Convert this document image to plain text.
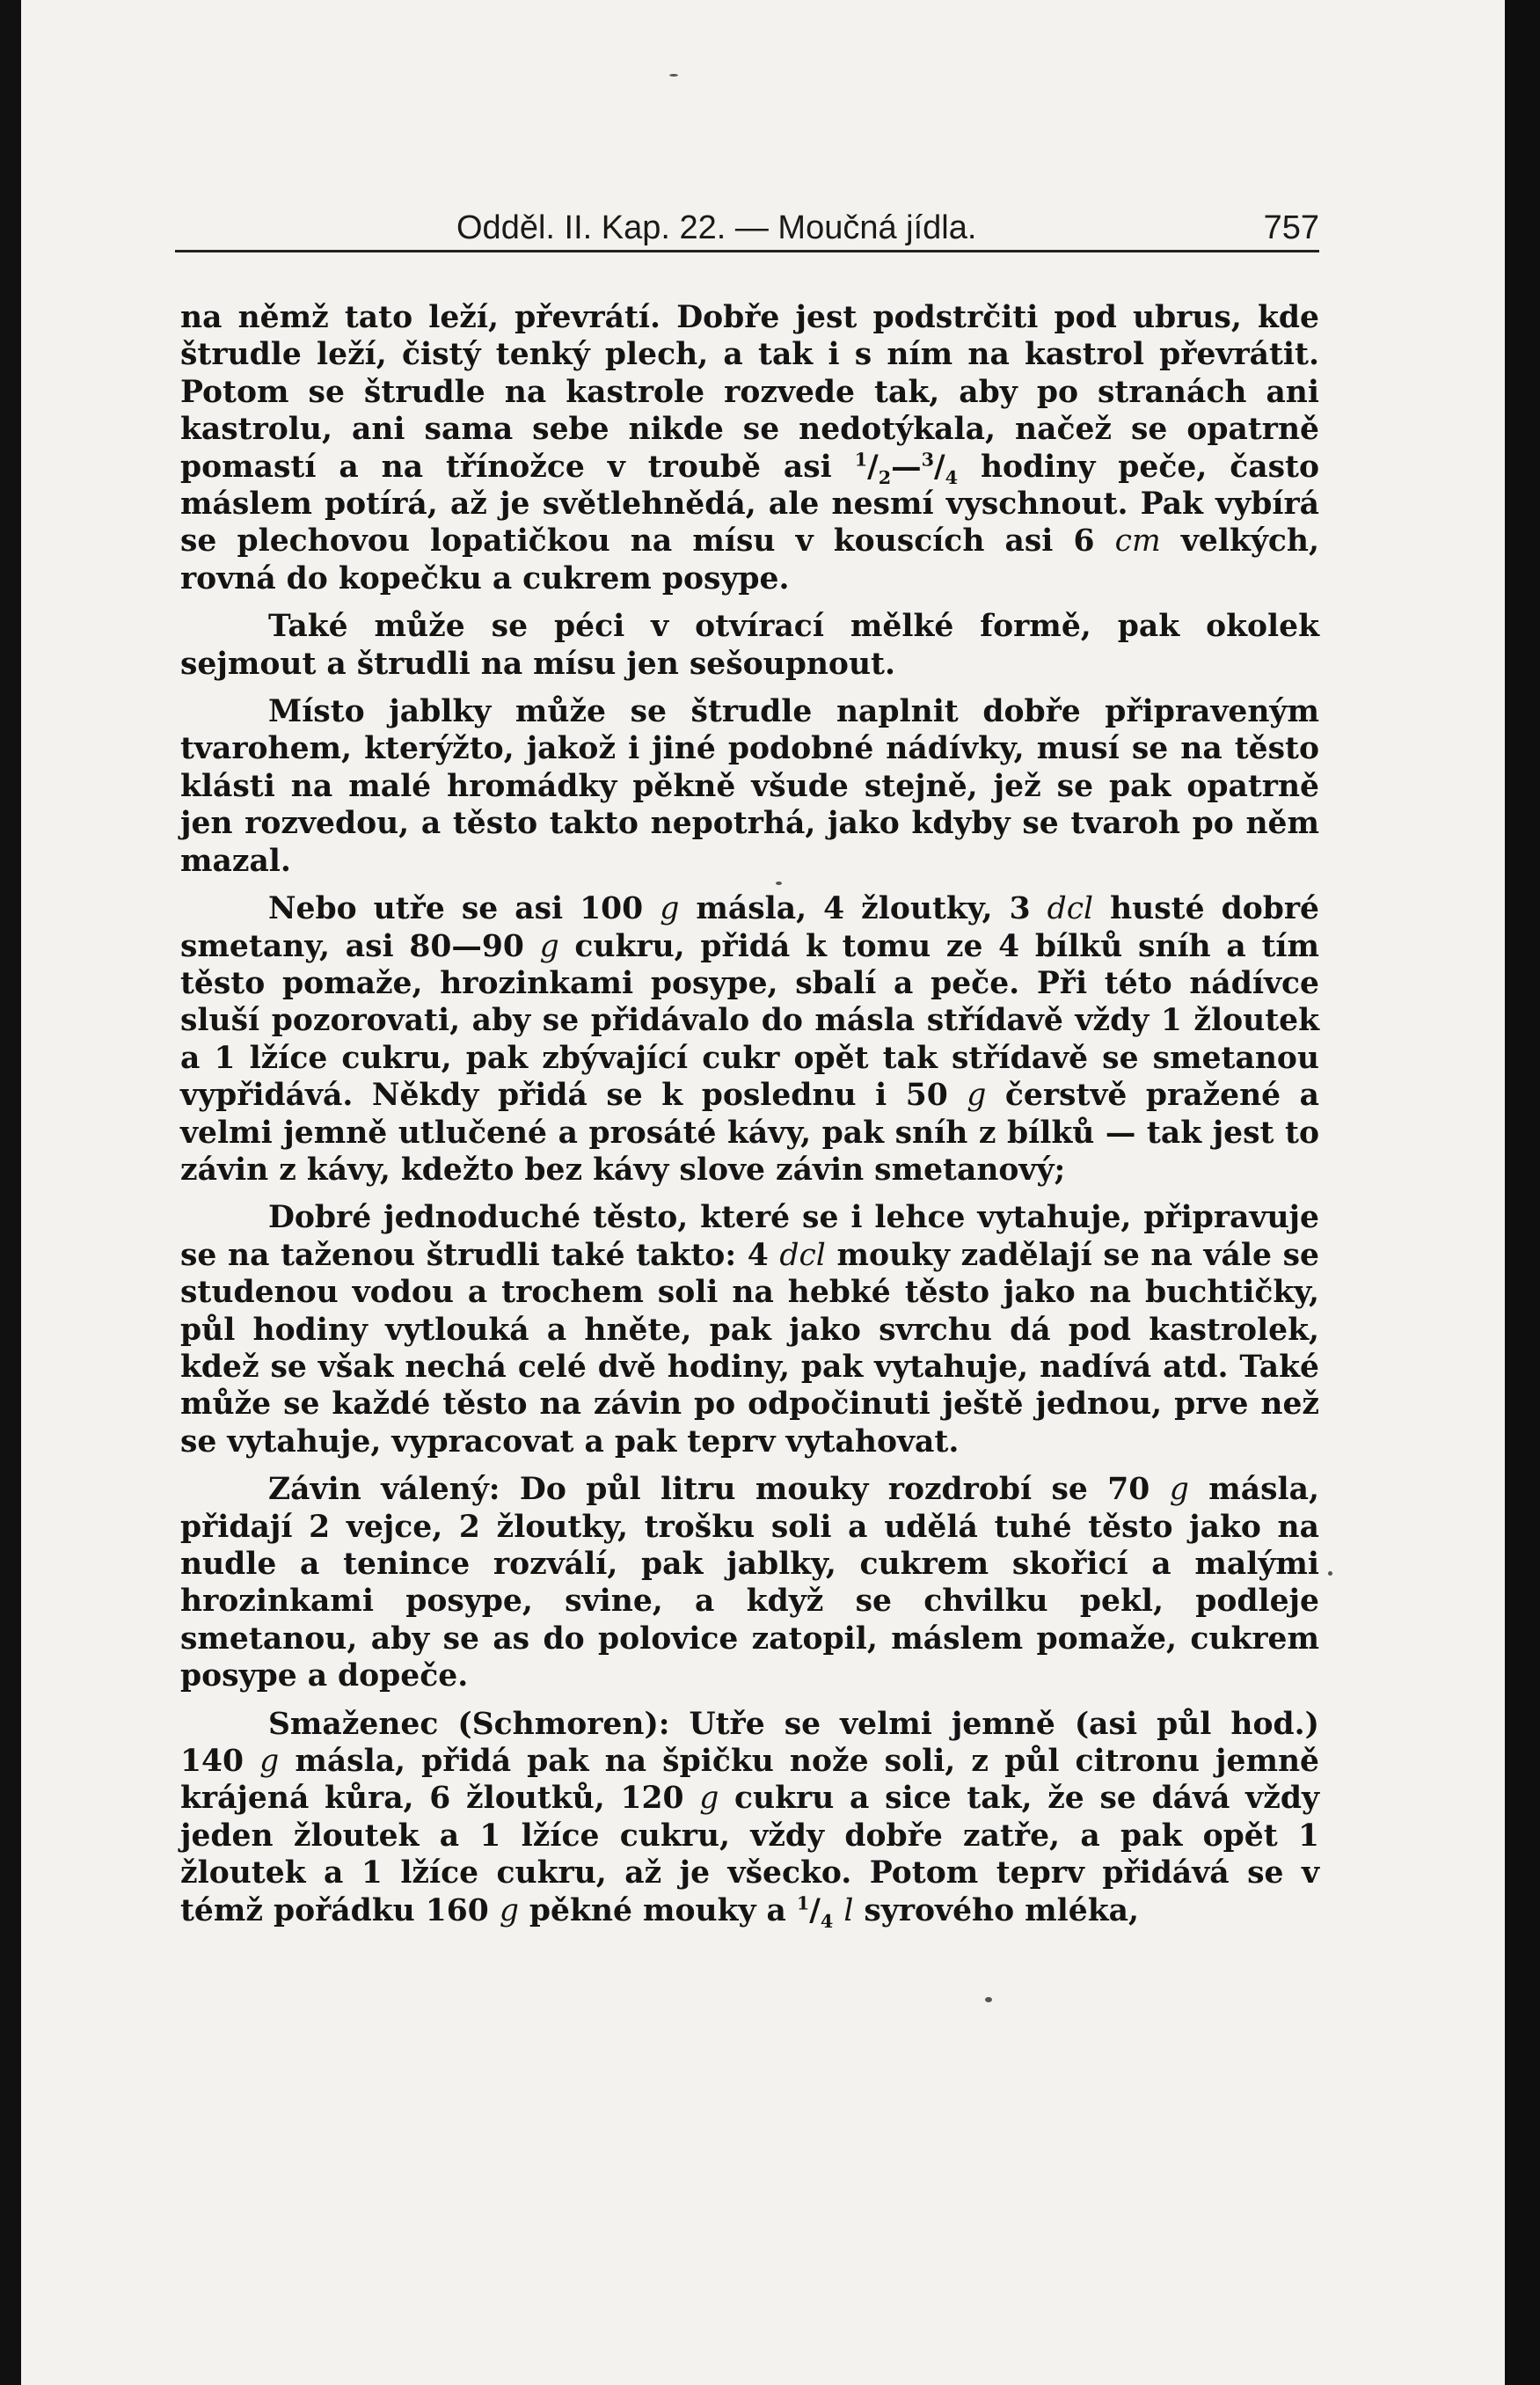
Odděl. II. Kap. 22. — Moučná jídla.	757

na němž tato leží, převrátí. Dobře jest podstrčiti pod ubrus, kde štrudle leží, čistý tenký plech, a tak i s ním na kastrol převrátit. Potom se štrudle na kastrole rozvede tak, aby po stranách ani kastrolu, ani sama sebe nikde se nedotýkala, načež se opatrně pomastí a na třínožce v troubě asi $^1/_2—^3/_4$ hodiny peče, často máslem potírá, až je světlehnědá, ale nesmí vyschnout. Pak vybírá se plechovou lopatičkou na mísu v kouscích asi 6 cm velkých, rovná do kopečku a cukrem posype.

Také může se péci v otvírací mělké formě, pak okolek sejmout a štrudli na mísu jen sešoupnout.

Místo jablky může se štrudle naplnit dobře připraveným tvarohem, kterýžto, jakož i jiné podobné nádívky, musí se na těsto klásti na malé hromádky pěkně všude stejně, jež se pak opatrně jen rozvedou, a těsto takto nepotrhá, jako kdyby se tvaroh po něm mazal.

Nebo utře se asi 100 g másla, 4 žloutky, 3 dcl husté dobré smetany, asi 80—90 g cukru, přidá k tomu ze 4 bílků sníh a tím těsto pomaže, hrozinkami posype, sbalí a peče. Při této nádívce sluší pozorovati, aby se přidávalo do másla střídavě vždy 1 žloutek a 1 lžíce cukru, pak zbývající cukr opět tak střídavě se smetanou vypřidává. Někdy přidá se k poslednu i 50 g čerstvě pražené a velmi jemně utlučené a prosáté kávy, pak sníh z bílků — tak jest to závin z kávy, kdežto bez kávy slove závin smetanový;

Dobré jednoduché těsto, které se i lehce vytahuje, připravuje se na taženou štrudli také takto: 4 dcl mouky zadělají se na vále se studenou vodou a trochem soli na hebké těsto jako na buchtičky, půl hodiny vytlouká a hněte, pak jako svrchu dá pod kastrolek, kdež se však nechá celé dvě hodiny, pak vytahuje, nadívá atd. Také může se každé těsto na závin po odpočinuti ještě jednou, prve než se vytahuje, vypracovat a pak teprv vytahovat.

Závin válený: Do půl litru mouky rozdrobí se 70 g másla, přidají 2 vejce, 2 žloutky, trošku soli a udělá tuhé těsto jako na nudle a tenince rozválí, pak jablky, cukrem skořicí a malými hrozinkami posype, svine, a když se chvilku pekl, podleje smetanou, aby se as do polovice zatopil, máslem pomaže, cukrem posype a dopeče.

Smaženec (Schmoren): Utře se velmi jemně (asi půl hod.) 140 g másla, přidá pak na špičku nože soli, z půl citronu jemně krájená kůra, 6 žloutků, 120 g cukru a sice tak, že se dává vždy jeden žloutek a 1 lžíce cukru, vždy dobře zatře, a pak opět 1 žloutek a 1 lžíce cukru, až je všecko. Potom teprv přidává se v témž pořádku 160 g pěkné mouky a $^1/_4$ l syrového mléka,
